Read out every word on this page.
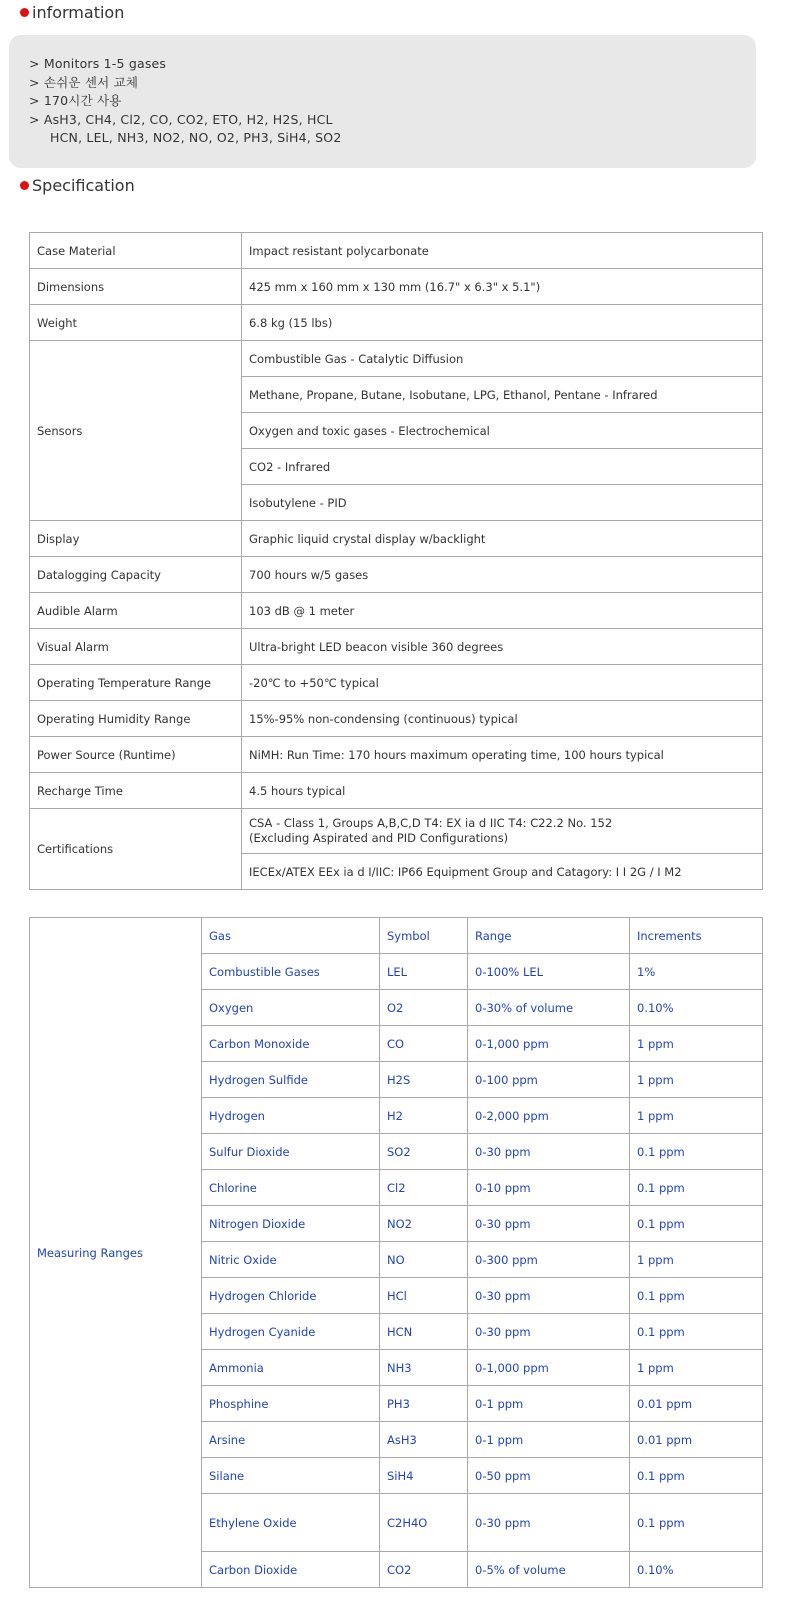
information
> Monitors 1-5 gases
> 손쉬운 센서 교체
> 170시간 사용
> AsH3, CH4, Cl2, CO, CO2, ETO, H2, H2S, HCL
HCN, LEL, NH3, NO2, NO, O2, PH3, SiH4, SO2
Specification
Case Material	Impact resistant polycarbonate
Dimensions	425 mm x 160 mm x 130 mm (16.7" x 6.3" x 5.1")
Weight	6.8 kg (15 lbs)
Sensors	Combustible Gas - Catalytic Diffusion
	Methane, Propane, Butane, Isobutane, LPG, Ethanol, Pentane - Infrared
	Oxygen and toxic gases - Electrochemical
	CO2 - Infrared
	Isobutylene - PID
Display	Graphic liquid crystal display w/backlight
Datalogging Capacity	700 hours w/5 gases
Audible Alarm	103 dB @ 1 meter
Visual Alarm	Ultra-bright LED beacon visible 360 degrees
Operating Temperature Range	-20℃ to +50℃ typical
Operating Humidity Range	15%-95% non-condensing (continuous) typical
Power Source (Runtime)	NiMH: Run Time: 170 hours maximum operating time, 100 hours typical
Recharge Time	4.5 hours typical
Certifications	CSA - Class 1, Groups A,B,C,D T4: EX ia d IIC T4: C22.2 No. 152
(Excluding Aspirated and PID Configurations)

	IECEx/ATEX EEx ia d I/IIC: IP66 Equipment Group and Catagory: I I 2G / I M2
Measuring Ranges	Gas	Symbol	Range	Increments
	Combustible Gases	LEL	0-100% LEL	1%
	Oxygen	O2	0-30% of volume	0.10%
	Carbon Monoxide	CO	0-1,000 ppm	1 ppm
	Hydrogen Sulfide	H2S	0-100 ppm	1 ppm
	Hydrogen	H2	0-2,000 ppm	1 ppm
	Sulfur Dioxide	SO2	0-30 ppm	0.1 ppm
	Chlorine	Cl2	0-10 ppm	0.1 ppm
	Nitrogen Dioxide	NO2	0-30 ppm	0.1 ppm
	Nitric Oxide	NO	0-300 ppm	1 ppm
	Hydrogen Chloride	HCl	0-30 ppm	0.1 ppm
	Hydrogen Cyanide	HCN	0-30 ppm	0.1 ppm
	Ammonia	NH3	0-1,000 ppm	1 ppm
	Phosphine	PH3	0-1 ppm	0.01 ppm
	Arsine	AsH3	0-1 ppm	0.01 ppm
	Silane	SiH4	0-50 ppm	0.1 ppm
	Ethylene Oxide	C2H4O	0-30 ppm	0.1 ppm
	Carbon Dioxide	CO2	0-5% of volume	0.10%
